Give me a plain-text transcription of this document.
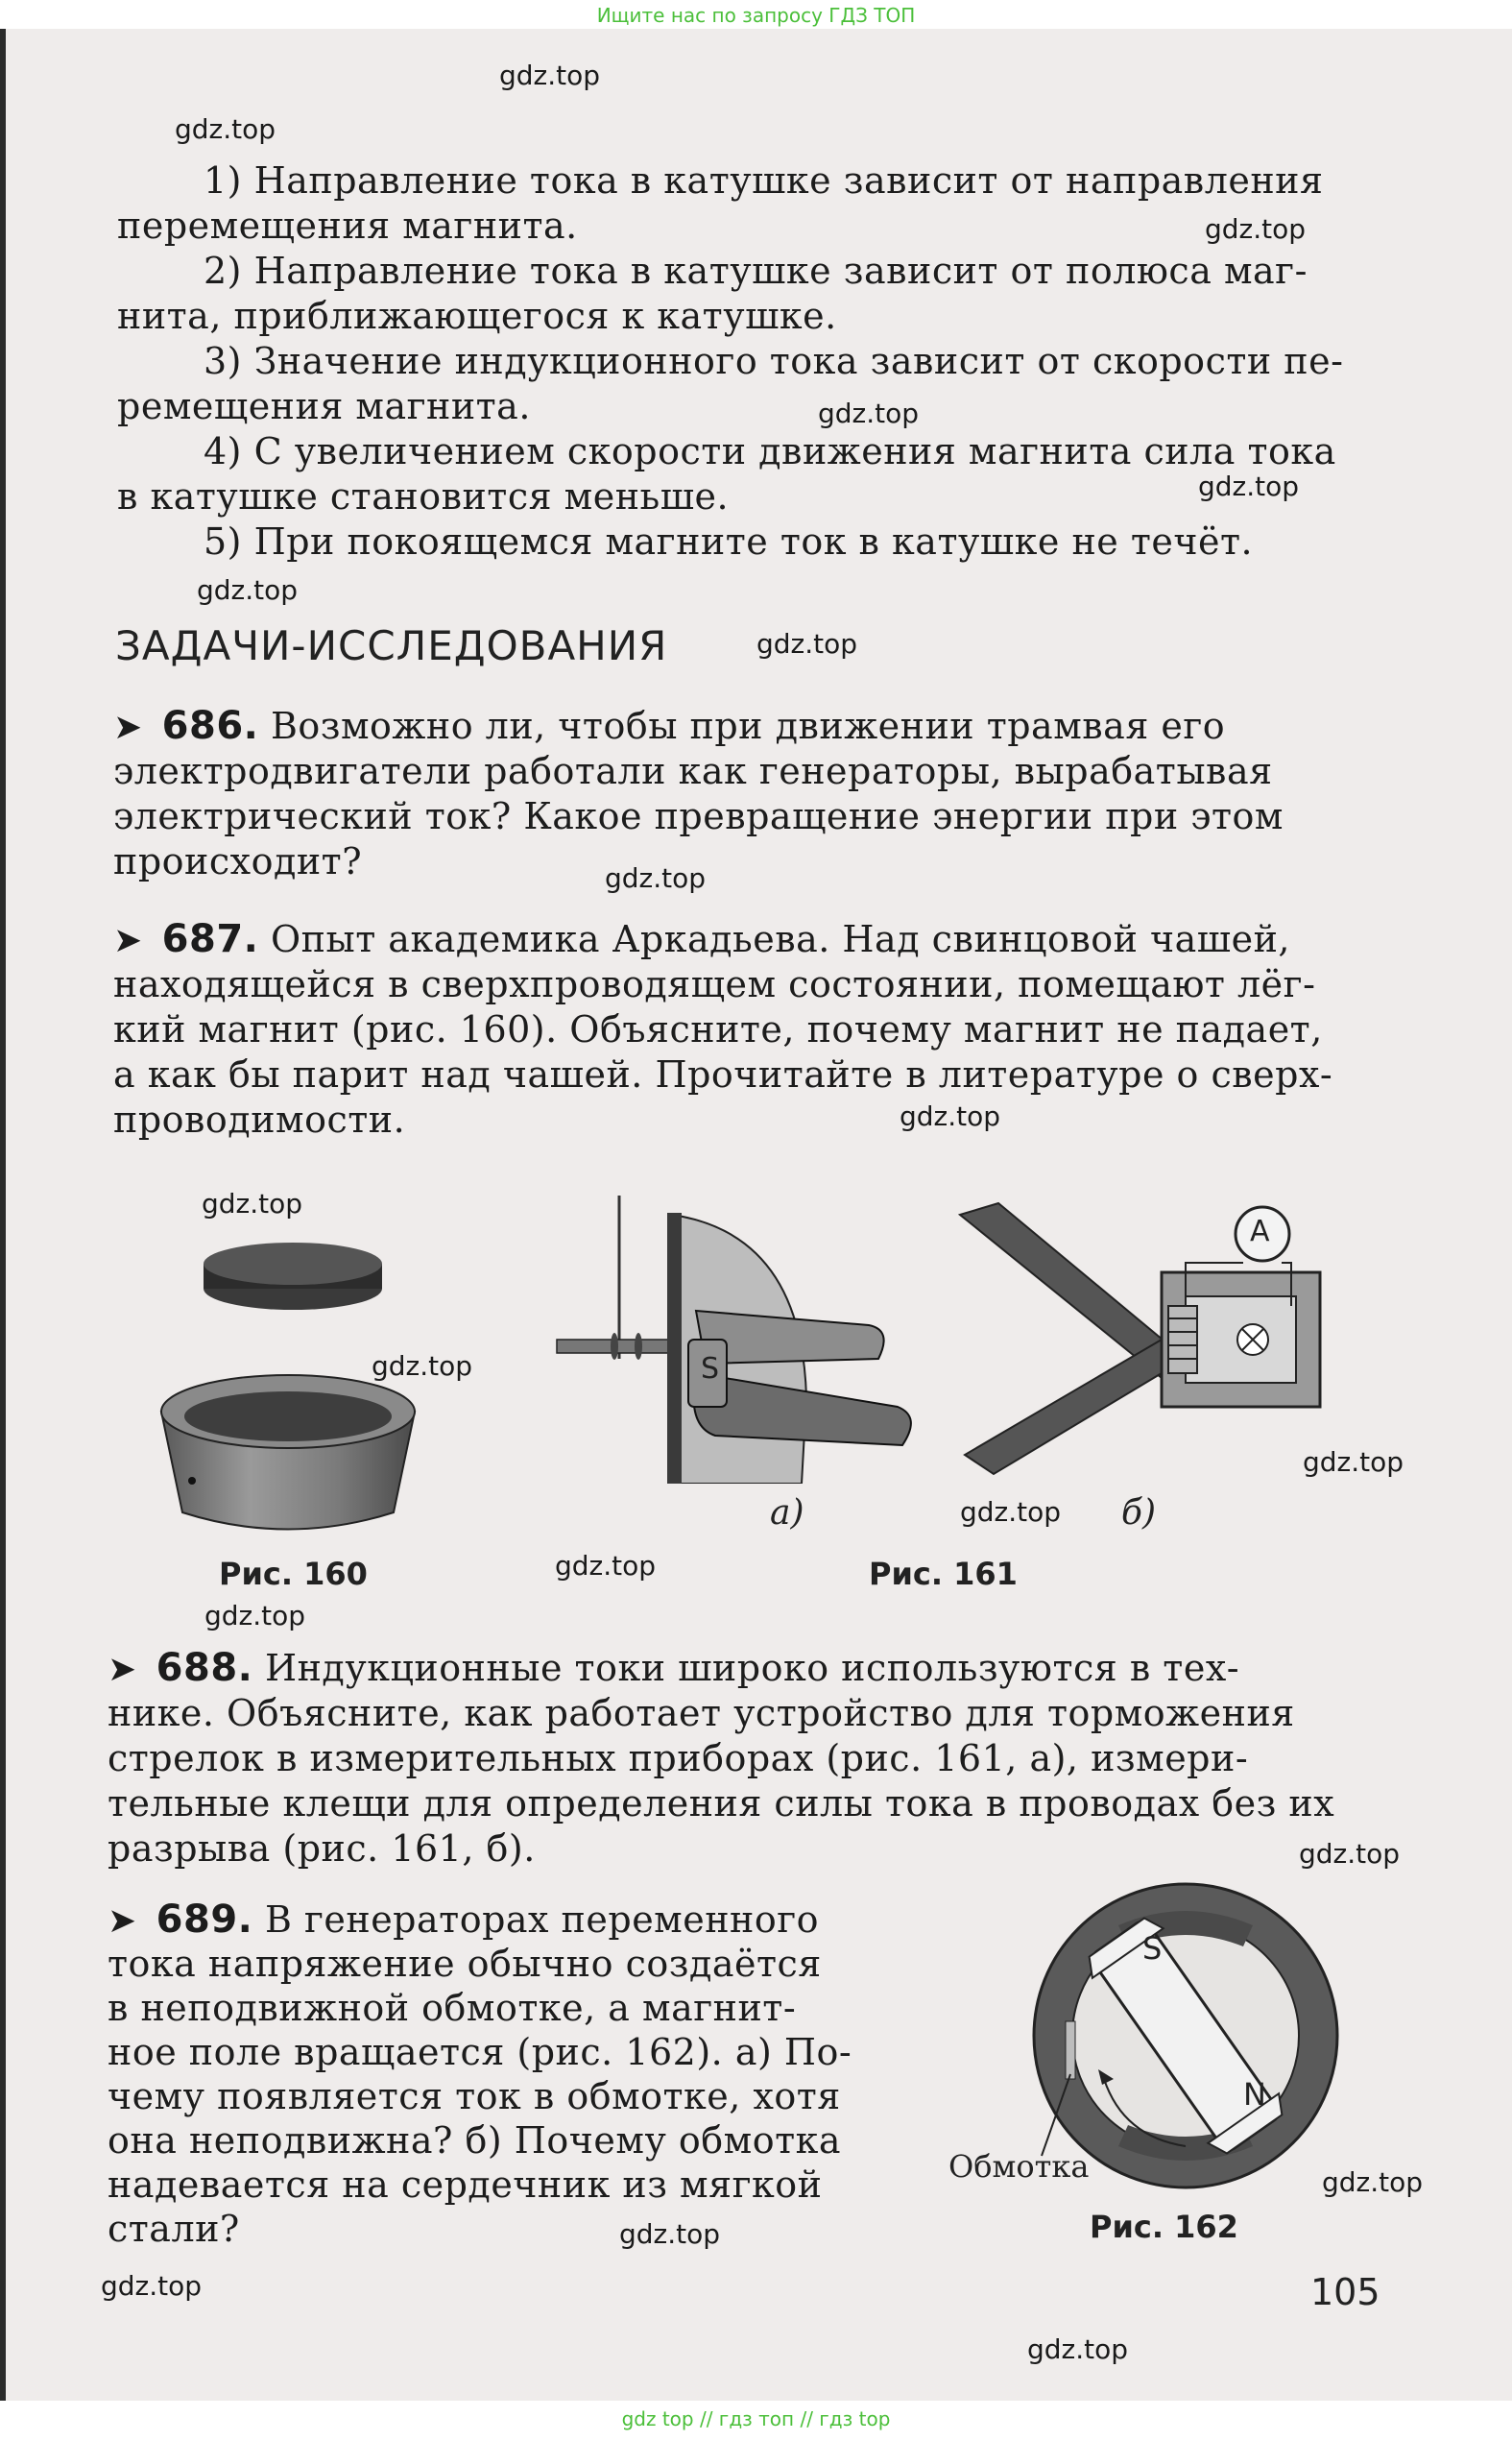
Ищите нас по запросу ГДЗ ТОП
1) Направление тока в катушке зависит от направления
перемещения магнита.
2) Направление тока в катушке зависит от полюса маг-
нита, приближающегося к катушке.
3) Значение индукционного тока зависит от скорости пе-
ремещения магнита.
4) С увеличением скорости движения магнита сила тока
в катушке становится меньше.
5) При покоящемся магните ток в катушке не течёт.
ЗАДАЧИ-ИССЛЕДОВАНИЯ
➤ 686. Возможно ли, чтобы при движении трамвая его
электродвигатели работали как генераторы, вырабатывая
электрический ток? Какое превращение энергии при этом
происходит?
➤ 687. Опыт академика Аркадьева. Над свинцовой чашей,
находящейся в сверхпроводящем состоянии, помещают лёг-
кий магнит (рис. 160). Объясните, почему магнит не падает,
а как бы парит над чашей. Прочитайте в литературе о сверх-
проводимости.
Рис. 160
S
а)
A
б)
Рис. 161
➤ 688. Индукционные токи широко используются в тех-
нике. Объясните, как работает устройство для торможения
стрелок в измерительных приборах (рис. 161, а), измери-
тельные клещи для определения силы тока в проводах без их
разрыва (рис. 161, б).
➤ 689. В генераторах переменного
тока напряжение обычно создаётся
в неподвижной обмотке, а магнит-
ное поле вращается (рис. 162). а) По-
чему появляется ток в обмотке, хотя
она неподвижна? б) Почему обмотка
надевается на сердечник из мягкой
стали?
S
N
Обмотка
Рис. 162
105
gdz.top
gdz.top
gdz.top
gdz.top
gdz.top
gdz.top
gdz.top
gdz.top
gdz.top
gdz.top
gdz.top
gdz.top
gdz.top
gdz.top
gdz.top
gdz.top
gdz.top
gdz.top
gdz.top
gdz.top
gdz top // гдз топ // гдз top
